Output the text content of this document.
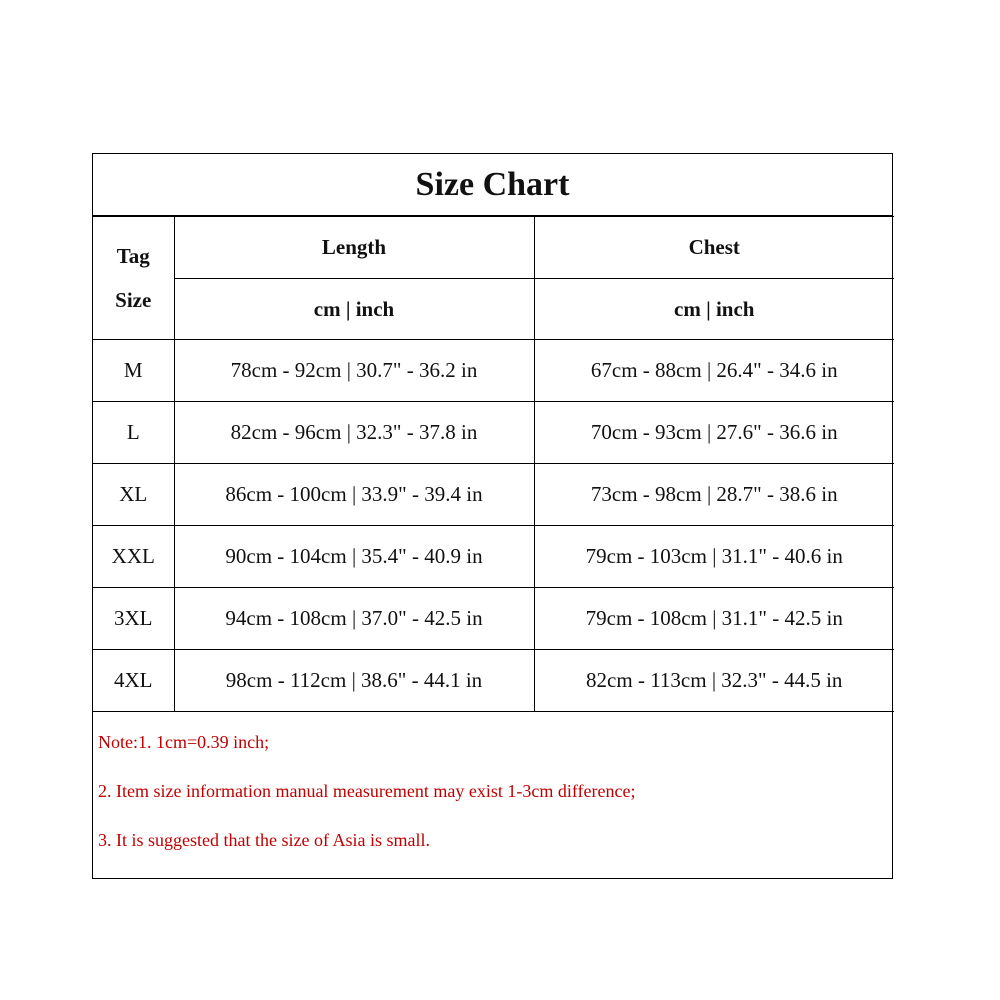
Size Chart
Tag
Size	Length	Chest
	cm | inch	cm | inch
M	78cm - 92cm | 30.7" - 36.2 in	67cm - 88cm | 26.4" - 34.6 in
L	82cm - 96cm | 32.3" - 37.8 in	70cm - 93cm | 27.6" - 36.6 in
XL	86cm - 100cm | 33.9" - 39.4 in	73cm - 98cm | 28.7" - 38.6 in
XXL	90cm - 104cm | 35.4" - 40.9 in	79cm - 103cm | 31.1" - 40.6 in
3XL	94cm - 108cm | 37.0" - 42.5 in	79cm - 108cm | 31.1" - 42.5 in
4XL	98cm - 112cm | 38.6" - 44.1 in	82cm - 113cm | 32.3" - 44.5 in
Note:1. 1cm=0.39 inch;
2. Item size information manual measurement may exist 1-3cm difference;
3. It is suggested that the size of Asia is small.
